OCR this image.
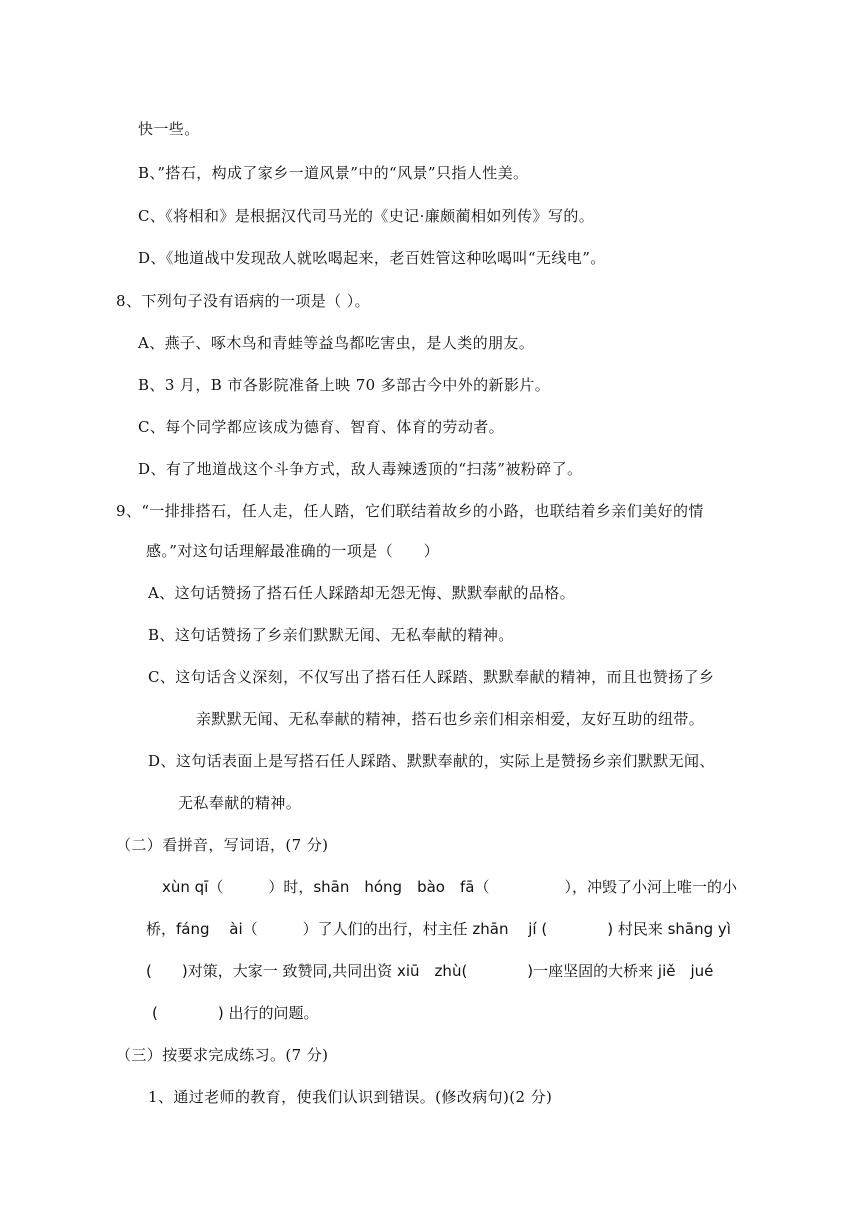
快一些。
B、”搭石，构成了家乡一道风景”中的“风景”只指人性美。
C、《将相和》是根据汉代司马光的《史记·廉颇蔺相如列传》写的。
D、《地道战中发现敌人就吆喝起来，老百姓管这种吆喝叫“无线电”。
8、下列句子没有语病的一项是（ ）。
A、燕子、啄木鸟和青蛙等益鸟都吃害虫，是人类的朋友。
B、3 月，B 市各影院准备上映 70 多部古今中外的新影片。
C、每个同学都应该成为德育、智育、体育的劳动者。
D、有了地道战这个斗争方式，敌人毒辣透顶的“扫荡”被粉碎了。
9、“一排排搭石，任人走，任人踏，它们联结着故乡的小路，也联结着乡亲们美好的情
感。”对这句话理解最准确的一项是（　　）
A、这句话赞扬了搭石任人踩踏却无怨无悔、默默奉献的品格。
B、这句话赞扬了乡亲们默默无闻、无私奉献的精神。
C、这句话含义深刻，不仅写出了搭石任人踩踏、默默奉献的精神，而且也赞扬了乡
亲默默无闻、无私奉献的精神，搭石也乡亲们相亲相爱，友好互助的纽带。
D、这句话表面上是写搭石任人踩踏、默默奉献的，实际上是赞扬乡亲们默默无闻、
无私奉献的精神。
（二）看拼音，写词语，(7 分)
xùn qī（　　　）时，shān　hóng　bào　fā（　　　　　），冲毁了小河上唯一的小
桥，fáng　 ài（　　　）了人们的出行，村主任 zhān　 jí (　　　　) 村民来 shāng yì
(　　)对策，大家一 致赞同,共同出资 xiū　zhù(　　　　)一座坚固的大桥来 jiě　jué
(　　　　) 出行的问题。
（三）按要求完成练习。(7 分)
1、通过老师的教育，使我们认识到错误。(修改病句)(2 分)
